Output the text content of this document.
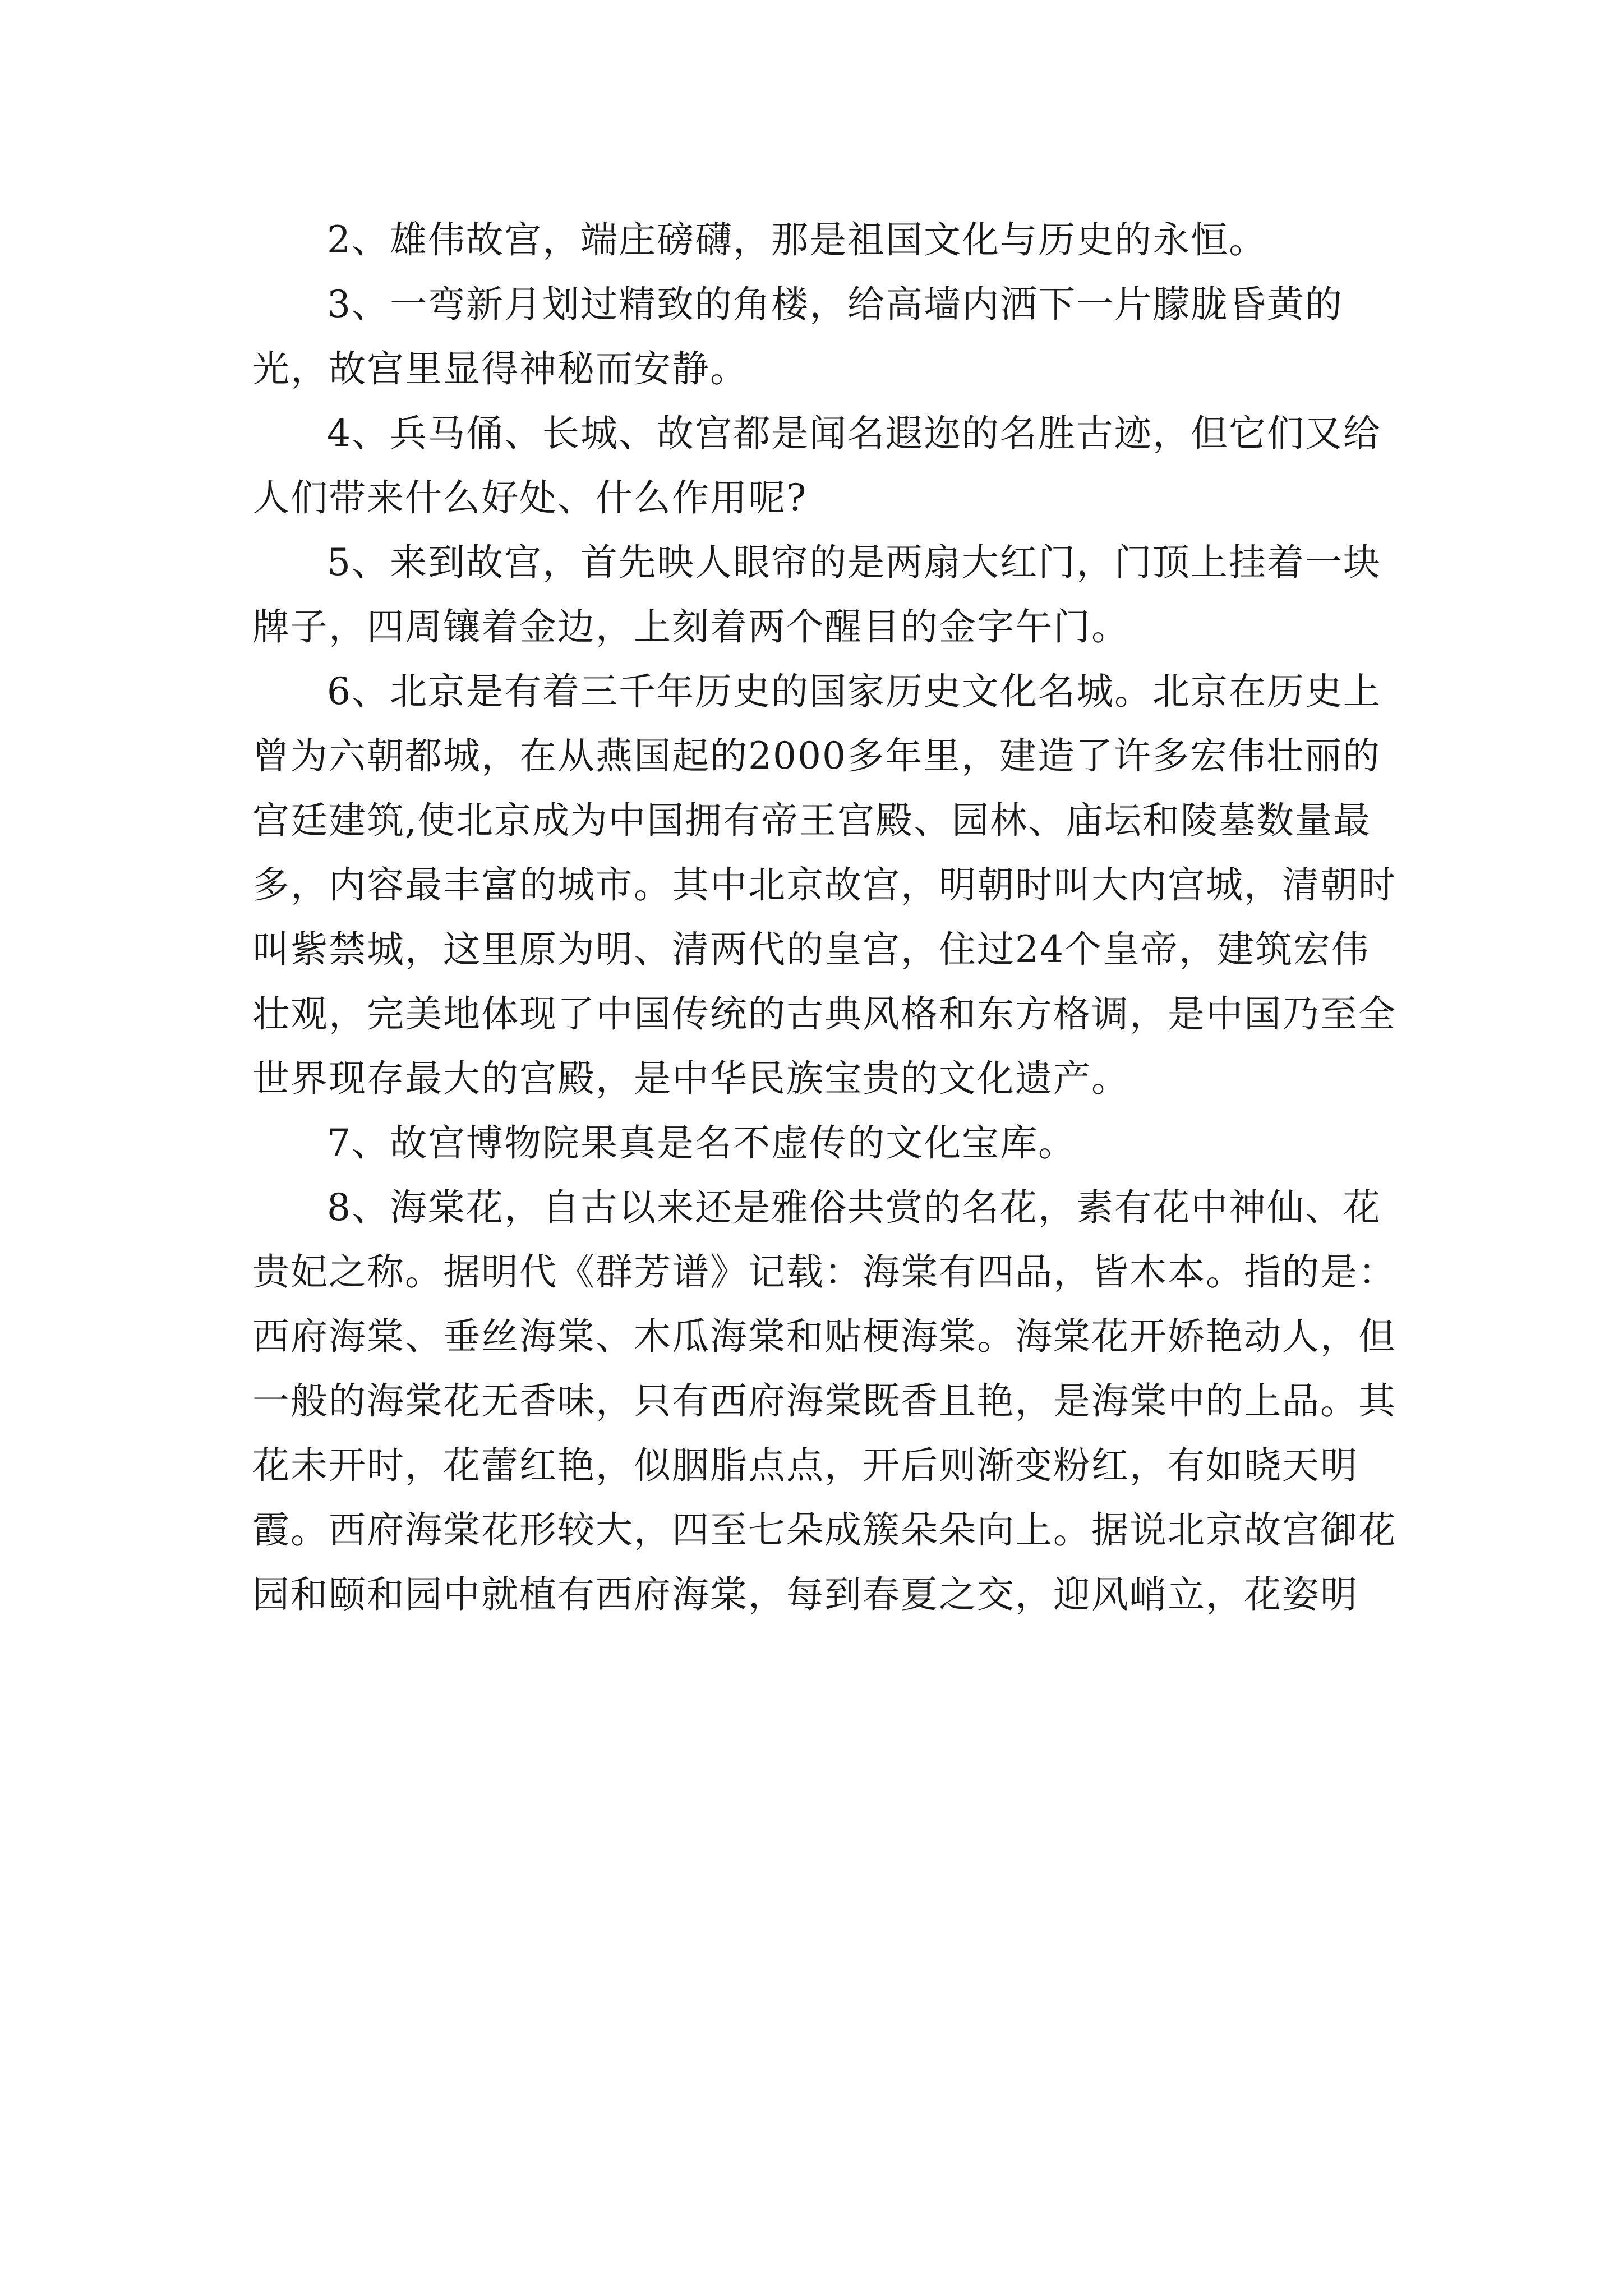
2、雄伟故宫，端庄磅礴，那是祖国文化与历史的永恒。

3、一弯新月划过精致的角楼，给高墙内洒下一片朦胧昏黄的光，故宫里显得神秘而安静。

4、兵马俑、长城、故宫都是闻名遐迩的名胜古迹，但它们又给人们带来什么好处、什么作用呢?

5、来到故宫，首先映人眼帘的是两扇大红门，门顶上挂着一块牌子，四周镶着金边，上刻着两个醒目的金字午门。

6、北京是有着三千年历史的国家历史文化名城。北京在历史上曾为六朝都城，在从燕国起的2000多年里，建造了许多宏伟壮丽的宫廷建筑,使北京成为中国拥有帝王宫殿、园林、庙坛和陵墓数量最多，内容最丰富的城市。其中北京故宫，明朝时叫大内宫城，清朝时叫紫禁城，这里原为明、清两代的皇宫，住过24个皇帝，建筑宏伟壮观，完美地体现了中国传统的古典风格和东方格调，是中国乃至全世界现存最大的宫殿，是中华民族宝贵的文化遗产。

7、故宫博物院果真是名不虚传的文化宝库。

8、海棠花，自古以来还是雅俗共赏的名花，素有花中神仙、花贵妃之称。据明代《群芳谱》记载：海棠有四品，皆木本。指的是：西府海棠、垂丝海棠、木瓜海棠和贴梗海棠。海棠花开娇艳动人，但一般的海棠花无香味，只有西府海棠既香且艳，是海棠中的上品。其花未开时，花蕾红艳，似胭脂点点，开后则渐变粉红，有如晓天明霞。西府海棠花形较大，四至七朵成簇朵朵向上。据说北京故宫御花园和颐和园中就植有西府海棠，每到春夏之交，迎风峭立，花姿明
